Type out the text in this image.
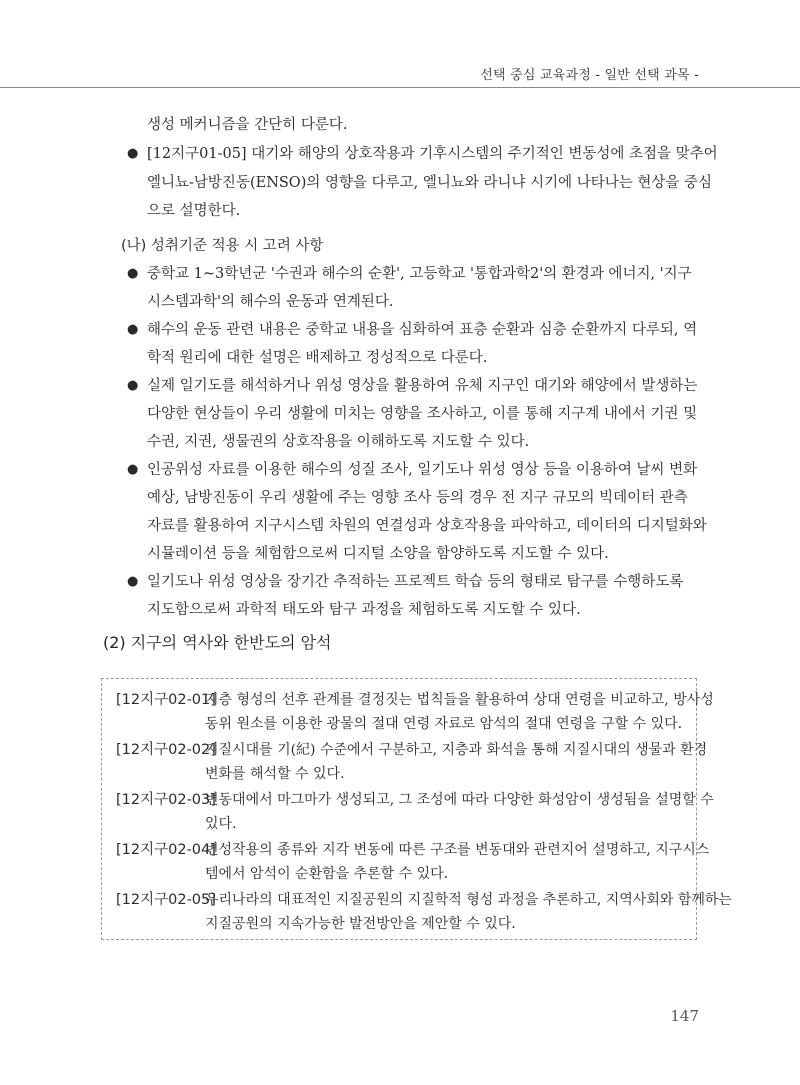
선택 중심 교육과정 - 일반 선택 과목 -
생성 메커니즘을 간단히 다룬다.
● [12지구01-05] 대기와 해양의 상호작용과 기후시스템의 주기적인 변동성에 초점을 맞추어
엘니뇨-남방진동(ENSO)의 영향을 다루고, 엘니뇨와 라니냐 시기에 나타나는 현상을 중심
으로 설명한다.
(나) 성취기준 적용 시 고려 사항
● 중학교 1~3학년군 '수권과 해수의 순환', 고등학교 '통합과학2'의 환경과 에너지, '지구
시스템과학'의 해수의 운동과 연계된다.
● 해수의 운동 관련 내용은 중학교 내용을 심화하여 표층 순환과 심층 순환까지 다루되, 역
학적 원리에 대한 설명은 배제하고 정성적으로 다룬다.
● 실제 일기도를 해석하거나 위성 영상을 활용하여 유체 지구인 대기와 해양에서 발생하는
다양한 현상들이 우리 생활에 미치는 영향을 조사하고, 이를 통해 지구계 내에서 기권 및
수권, 지권, 생물권의 상호작용을 이해하도록 지도할 수 있다.
● 인공위성 자료를 이용한 해수의 성질 조사, 일기도나 위성 영상 등을 이용하여 날씨 변화
예상, 남방진동이 우리 생활에 주는 영향 조사 등의 경우 전 지구 규모의 빅데이터 관측
자료를 활용하여 지구시스템 차원의 연결성과 상호작용을 파악하고, 데이터의 디지털화와
시뮬레이션 등을 체험함으로써 디지털 소양을 함양하도록 지도할 수 있다.
● 일기도나 위성 영상을 장기간 추적하는 프로젝트 학습 등의 형태로 탐구를 수행하도록
지도함으로써 과학적 태도와 탐구 과정을 체험하도록 지도할 수 있다.
(2) 지구의 역사와 한반도의 암석
[12지구02-01]
지층 형성의 선후 관계를 결정짓는 법칙들을 활용하여 상대 연령을 비교하고, 방사성
동위 원소를 이용한 광물의 절대 연령 자료로 암석의 절대 연령을 구할 수 있다.
[12지구02-02]
지질시대를 기(紀) 수준에서 구분하고, 지층과 화석을 통해 지질시대의 생물과 환경
변화를 해석할 수 있다.
[12지구02-03]
변동대에서 마그마가 생성되고, 그 조성에 따라 다양한 화성암이 생성됨을 설명할 수
있다.
[12지구02-04]
변성작용의 종류와 지각 변동에 따른 구조를 변동대와 관련지어 설명하고, 지구시스
템에서 암석이 순환함을 추론할 수 있다.
[12지구02-05]
우리나라의 대표적인 지질공원의 지질학적 형성 과정을 추론하고, 지역사회와 함께하는
지질공원의 지속가능한 발전방안을 제안할 수 있다.
147
